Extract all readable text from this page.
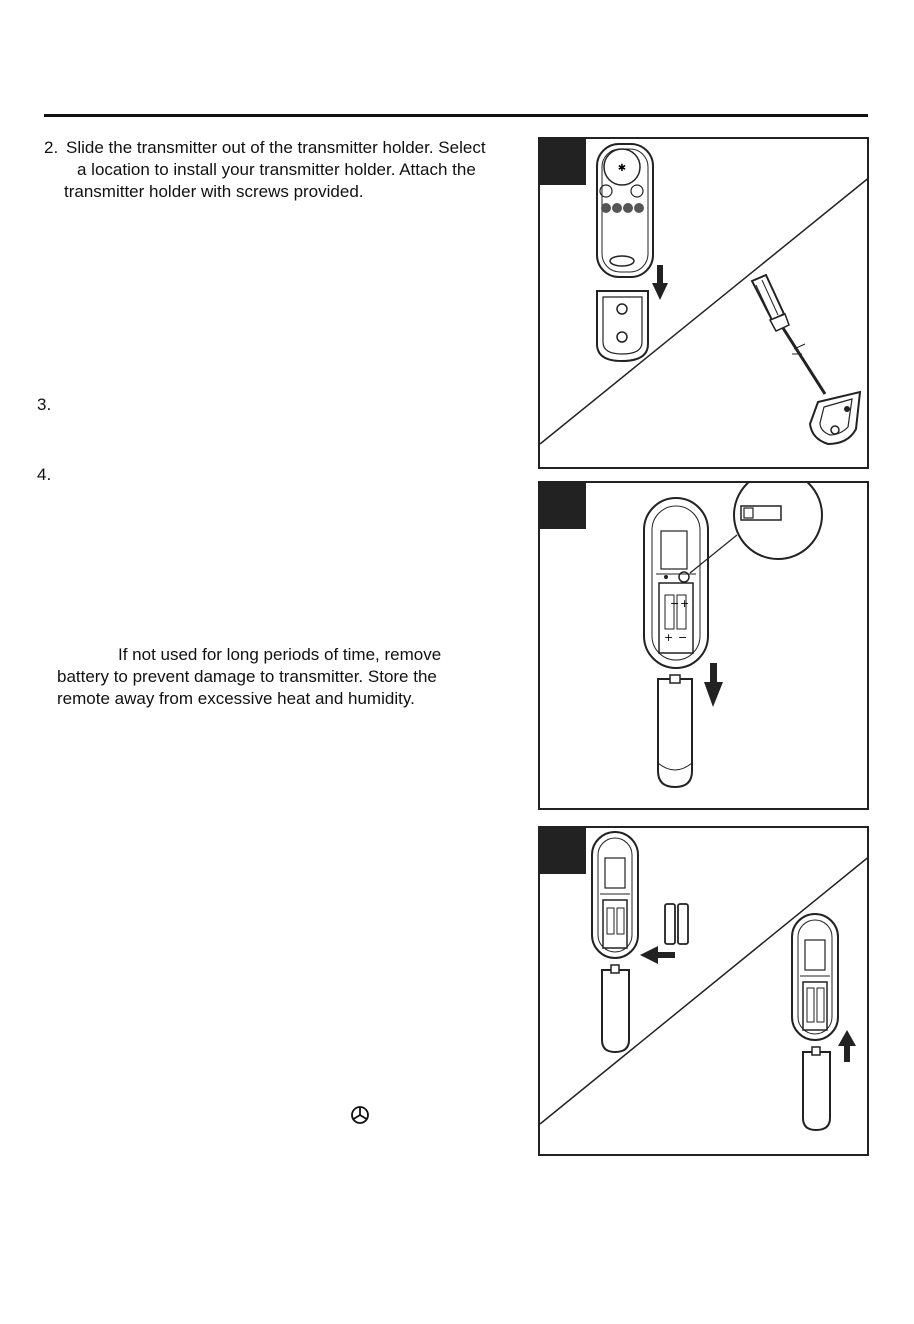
2. Slide the transmitter out of the transmitter holder. Select
a location to install your transmitter holder. Attach the
transmitter holder with screws provided.
3.
4.
If not used for long periods of time, remove
battery to prevent damage to transmitter. Store the
remote away from excessive heat and humidity.
✱
− +
+ −
